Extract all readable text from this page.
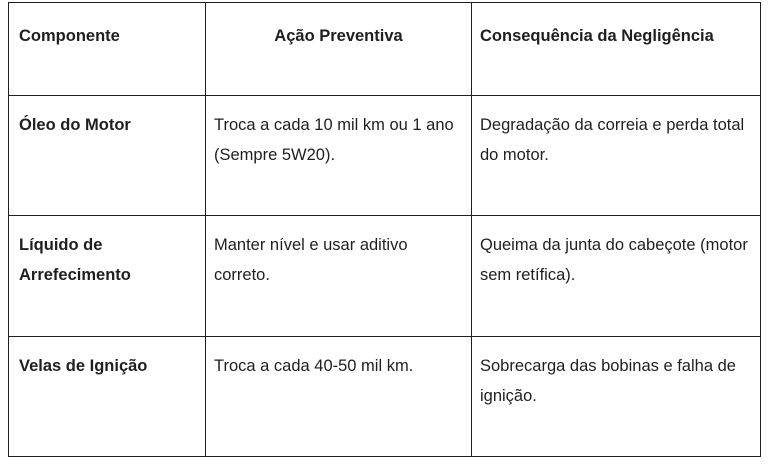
Componente	Ação Preventiva	Consequência da Negligência
Óleo do Motor	Troca a cada 10 mil km ou 1 ano (Sempre 5W20).	Degradação da correia e perda total do motor.
Líquido de Arrefecimento	Manter nível e usar aditivo correto.	Queima da junta do cabeçote (motor sem retífica).
Velas de Ignição	Troca a cada 40-50 mil km.	Sobrecarga das bobinas e falha de ignição.
